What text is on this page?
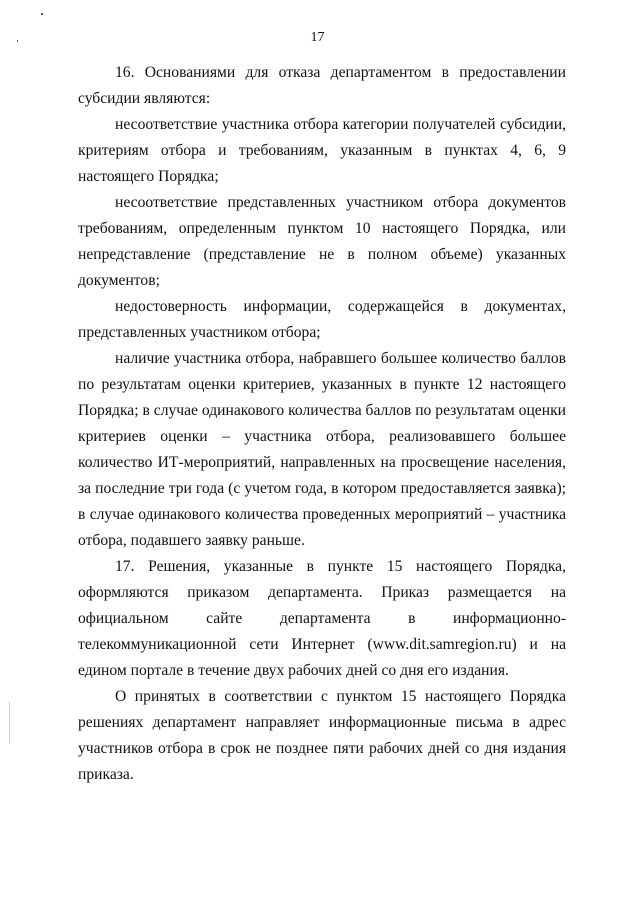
17

16. Основаниями для отказа департаментом в предоставлении субсидии являются:

несоответствие участника отбора категории получателей субсидии, критериям отбора и требованиям, указанным в пунктах 4, 6, 9 настоящего Порядка;

несоответствие представленных участником отбора документов требованиям, определенным пунктом 10 настоящего Порядка, или непредставление (представление не в полном объеме) указанных документов;

недостоверность информации, содержащейся в документах, представленных участником отбора;

наличие участника отбора, набравшего большее количество баллов по результатам оценки критериев, указанных в пункте 12 настоящего Порядка; в случае одинакового количества баллов по результатам оценки критериев оценки – участника отбора, реализовавшего большее количество ИТ-мероприятий, направленных на просвещение населения, за последние три года (с учетом года, в котором предоставляется заявка); в случае одинакового количества проведенных мероприятий – участника отбора, подавшего заявку раньше.

17. Решения, указанные в пункте 15 настоящего Порядка, оформляются приказом департамента. Приказ размещается на официальном сайте департамента в информационно-телекоммуникационной сети Интернет (www.dit.samregion.ru) и на едином портале в течение двух рабочих дней со дня его издания.

О принятых в соответствии с пунктом 15 настоящего Порядка решениях департамент направляет информационные письма в адрес участников отбора в срок не позднее пяти рабочих дней со дня издания приказа.
